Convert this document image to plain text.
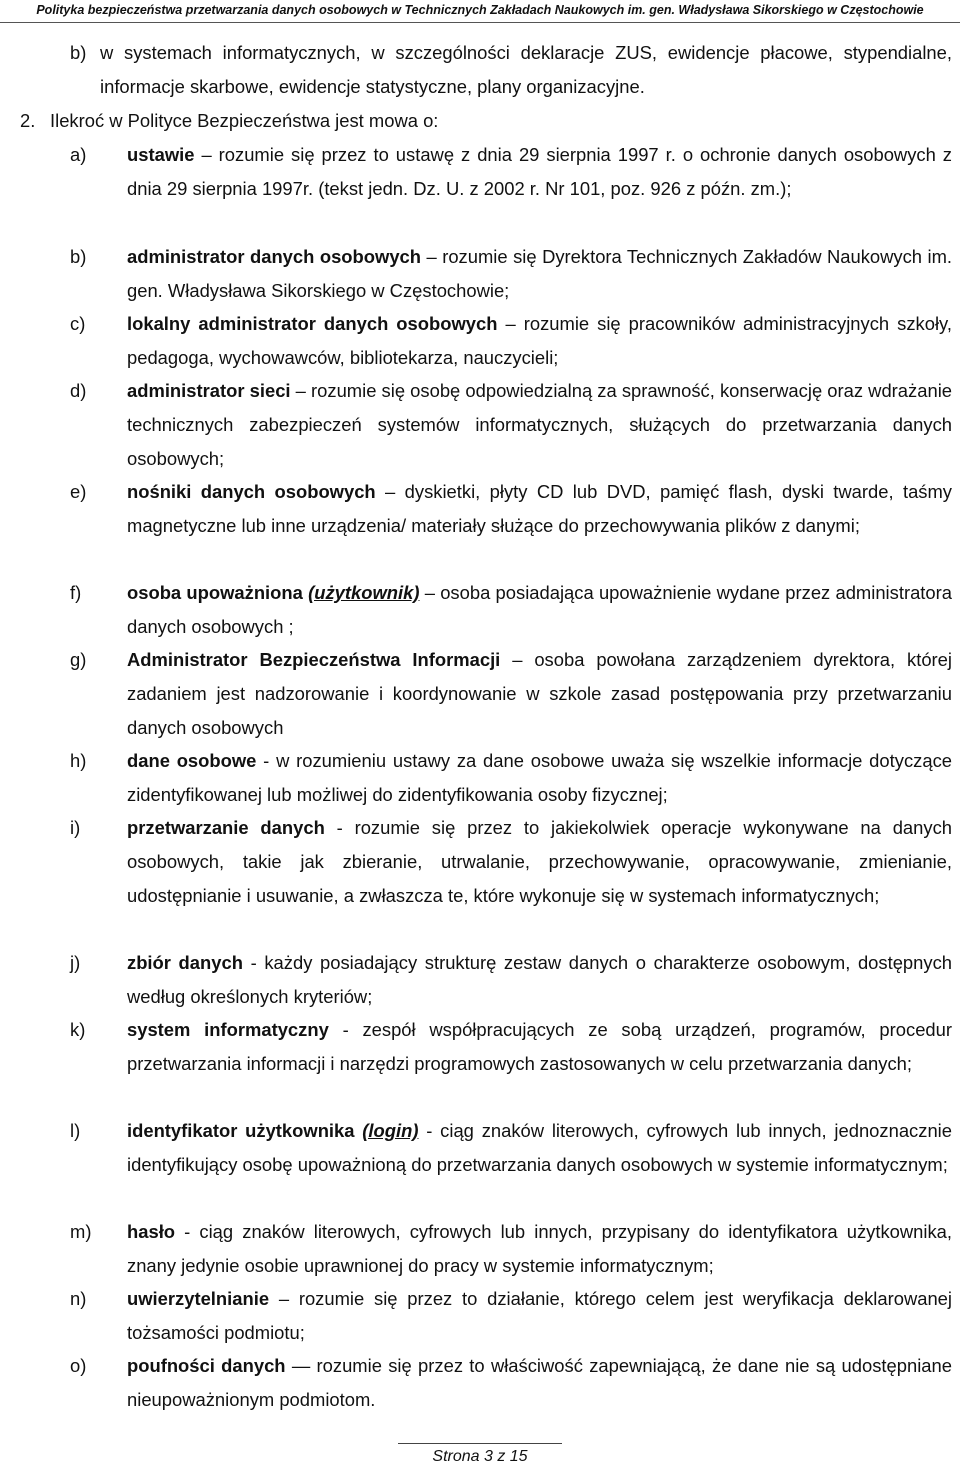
Polityka bezpieczeństwa przetwarzania danych osobowych w Technicznych Zakładach Naukowych im. gen. Władysława Sikorskiego w Częstochowie
b) w systemach informatycznych, w szczególności deklaracje ZUS, ewidencje płacowe, stypendialne, informacje skarbowe, ewidencje statystyczne, plany organizacyjne.
2. Ilekroć w Polityce Bezpieczeństwa jest mowa o:
a) ustawie – rozumie się przez to ustawę z dnia 29 sierpnia 1997 r. o ochronie danych osobowych z dnia 29 sierpnia 1997r. (tekst jedn. Dz. U. z 2002 r. Nr 101, poz. 926 z późn. zm.);
b) administrator danych osobowych – rozumie się Dyrektora Technicznych Zakładów Naukowych im. gen. Władysława Sikorskiego w Częstochowie;
c) lokalny administrator danych osobowych – rozumie się pracowników administracyjnych szkoły, pedagoga, wychowawców, bibliotekarza, nauczycieli;
d) administrator sieci – rozumie się osobę odpowiedzialną za sprawność, konserwację oraz wdrażanie technicznych zabezpieczeń systemów informatycznych, służących do przetwarzania danych osobowych;
e) nośniki danych osobowych – dyskietki, płyty CD lub DVD, pamięć flash, dyski twarde, taśmy magnetyczne lub inne urządzenia/ materiały służące do przechowywania plików z danymi;
f) osoba upoważniona (użytkownik) – osoba posiadająca upoważnienie wydane przez administratora danych osobowych ;
g) Administrator Bezpieczeństwa Informacji – osoba powołana zarządzeniem dyrektora, której zadaniem jest nadzorowanie i koordynowanie w szkole zasad postępowania przy przetwarzaniu danych osobowych
h) dane osobowe - w rozumieniu ustawy za dane osobowe uważa się wszelkie informacje dotyczące zidentyfikowanej lub możliwej do zidentyfikowania osoby fizycznej;
i)	przetwarzanie danych - rozumie się przez to jakiekolwiek operacje wykonywane na danych osobowych, takie jak zbieranie, utrwalanie, przechowywanie, opracowywanie, zmienianie, udostępnianie i usuwanie, a zwłaszcza te, które wykonuje się w systemach informatycznych;
j)	zbiór danych - każdy posiadający strukturę zestaw danych o charakterze osobowym, dostępnych według określonych kryteriów;
k) system informatyczny - zespół współpracujących ze sobą urządzeń, programów, procedur przetwarzania informacji i narzędzi programowych zastosowanych w celu przetwarzania danych;
l)	identyfikator użytkownika (login) - ciąg znaków literowych, cyfrowych lub innych, jednoznacznie identyfikujący osobę upoważnioną do przetwarzania danych osobowych w systemie informatycznym;
m) hasło - ciąg znaków literowych, cyfrowych lub innych, przypisany do identyfikatora użytkownika, znany jedynie osobie uprawnionej do pracy w systemie informatycznym;
n) uwierzytelnianie – rozumie się przez to działanie, którego celem jest weryfikacja deklarowanej tożsamości podmiotu;
o) poufności danych — rozumie się przez to właściwość zapewniającą, że dane nie są udostępniane nieupoważnionym podmiotom.
Strona 3 z 15
